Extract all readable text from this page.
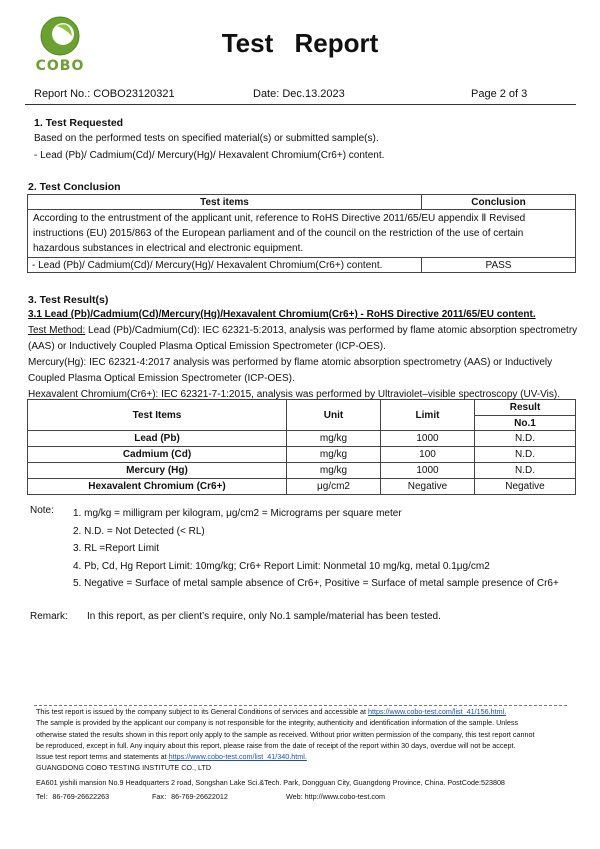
COBO
Test Report
Report No.: COBO23120321	Date: Dec.13.2023	Page 2 of 3
1. Test Requested
Based on the performed tests on specified material(s) or submitted sample(s).
- Lead (Pb)/ Cadmium(Cd)/ Mercury(Hg)/ Hexavalent Chromium(Cr6+) content.
2. Test Conclusion
Test items	Conclusion
According to the entrustment of the applicant unit, reference to RoHS Directive 2011/65/EU appendix Ⅱ Revised instructions (EU) 2015/863 of the European parliament and of the council on the restriction of the use of certain hazardous substances in electrical and electronic equipment.	
- Lead (Pb)/ Cadmium(Cd)/ Mercury(Hg)/ Hexavalent Chromium(Cr6+) content.	PASS
3. Test Result(s)
3.1 Lead (Pb)/Cadmium(Cd)/Mercury(Hg)/Hexavalent Chromium(Cr6+) - RoHS Directive 2011/65/EU content.

Test Method: Lead (Pb)/Cadmium(Cd): IEC 62321-5:2013, analysis was performed by flame atomic absorption spectrometry (AAS) or Inductively Coupled Plasma Optical Emission Spectrometer (ICP-OES).

Mercury(Hg): IEC 62321-4:2017 analysis was performed by flame atomic absorption spectrometry (AAS) or Inductively Coupled Plasma Optical Emission Spectrometer (ICP-OES).

Hexavalent Chromium(Cr6+): IEC 62321-7-1:2015, analysis was performed by Ultraviolet–visible spectroscopy (UV-Vis).

Test Items	Unit	Limit	Result
			No.1
Lead (Pb)	mg/kg	1000	N.D.
Cadmium (Cd)	mg/kg	100	N.D.
Mercury (Hg)	mg/kg	1000	N.D.
Hexavalent Chromium (Cr6+)	μg/cm2	Negative	Negative
Note: 1. mg/kg = milligram per kilogram, μg/cm2 = Micrograms per square meter

2. N.D. = Not Detected (< RL)

3. RL =Report Limit

4. Pb, Cd, Hg Report Limit: 10mg/kg; Cr6+ Report Limit: Nonmetal 10 mg/kg, metal 0.1μg/cm2

5. Negative = Surface of metal sample absence of Cr6+, Positive = Surface of metal sample presence of Cr6+

Remark: In this report, as per client’s require, only No.1 sample/material has been tested.

This test report is issued by the company subject to its General Conditions of services and accessible at https://www.cobo-test.com/list_41/156.html.

The sample is provided by the applicant our company is not responsible for the integrity, authenticity and identification information of the sample. Unless

otherwise stated the results shown in this report only apply to the sample as received. Without prior written permission of the company, this test report cannot

be reproduced, except in full. Any inquiry about this report, please raise from the date of receipt of the report within 30 days, overdue will not be accept.

Issue test report terms and statements at https://www.cobo-test.com/list_41/340.html.

GUANGDONG COBO TESTING INSTITUTE CO., LTD

EA601 yishili mansion No.9 Headquarters 2 road, Songshan Lake Sci.&Tech. Park, Dongguan City, Guangdong Province, China. PostCode:523808

Tel：86-769-26622263	Fax：86-769-26622012	Web: http://www.cobo-test.com
